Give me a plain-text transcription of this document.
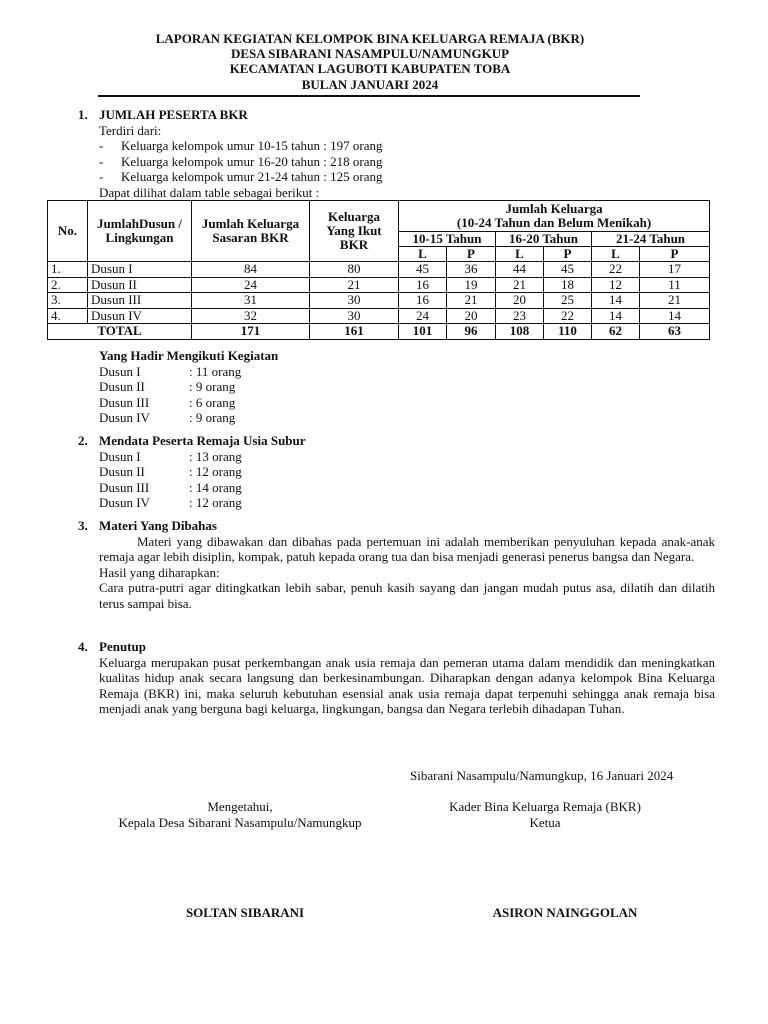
LAPORAN KEGIATAN KELOMPOK BINA KELUARGA REMAJA (BKR)
DESA SIBARANI NASAMPULU/NAMUNGKUP
KECAMATAN LAGUBOTI KABUPATEN TOBA
BULAN JANUARI 2024
1. JUMLAH PESERTA BKR
Terdiri dari:
- Keluarga kelompok umur 10-15 tahun : 197 orang
- Keluarga kelompok umur 16-20 tahun : 218 orang
- Keluarga kelompok umur 21-24 tahun : 125 orang
Dapat dilihat dalam table sebagai berikut :
No.	JumlahDusun / Lingkungan	Jumlah Keluarga Sasaran BKR	Keluarga Yang Ikut BKR	Jumlah Keluarga
(10-24 Tahun dan Belum Menikah)					

				10-15 Tahun		16-20 Tahun		21-24 Tahun	
				L	P	L	P	L	P
1.	Dusun I	84	80	45	36	44	45	22	17
2.	Dusun II	24	21	16	19	21	18	12	11
3.	Dusun III	31	30	16	21	20	25	14	21
4.	Dusun IV	32	30	24	20	23	22	14	14
TOTAL		171	161	101	96	108	110	62	63
Yang Hadir Mengikuti Kegiatan
Dusun I	: 11 orang
Dusun II	: 9 orang
Dusun III	: 6 orang
Dusun IV	: 9 orang
2. Mendata Peserta Remaja Usia Subur
Dusun I	: 13 orang
Dusun II	: 12 orang
Dusun III	: 14 orang
Dusun IV	: 12 orang
3. Materi Yang Dibahas
Materi yang dibawakan dan dibahas pada pertemuan ini adalah memberikan penyuluhan kepada anak-anak remaja agar lebih disiplin, kompak, patuh kepada orang tua dan bisa menjadi generasi penerus bangsa dan Negara.
Hasil yang diharapkan:
Cara putra-putri agar ditingkatkan lebih sabar, penuh kasih sayang dan jangan mudah putus asa, dilatih dan dilatih terus sampai bisa.
4. Penutup
Keluarga merupakan pusat perkembangan anak usia remaja dan pemeran utama dalam mendidik dan meningkatkan kualitas hidup anak secara langsung dan berkesinambungan. Diharapkan dengan adanya kelompok Bina Keluarga Remaja (BKR) ini, maka seluruh kebutuhan esensial anak usia remaja dapat terpenuhi sehingga anak remaja bisa menjadi anak yang berguna bagi keluarga, lingkungan, bangsa dan Negara terlebih dihadapan Tuhan.
Sibarani Nasampulu/Namungkup, 16 Januari 2024
Mengetahui,
Kepala Desa Sibarani Nasampulu/Namungkup
Kader Bina Keluarga Remaja (BKR)
Ketua
SOLTAN SIBARANI	ASIRON NAINGGOLAN
